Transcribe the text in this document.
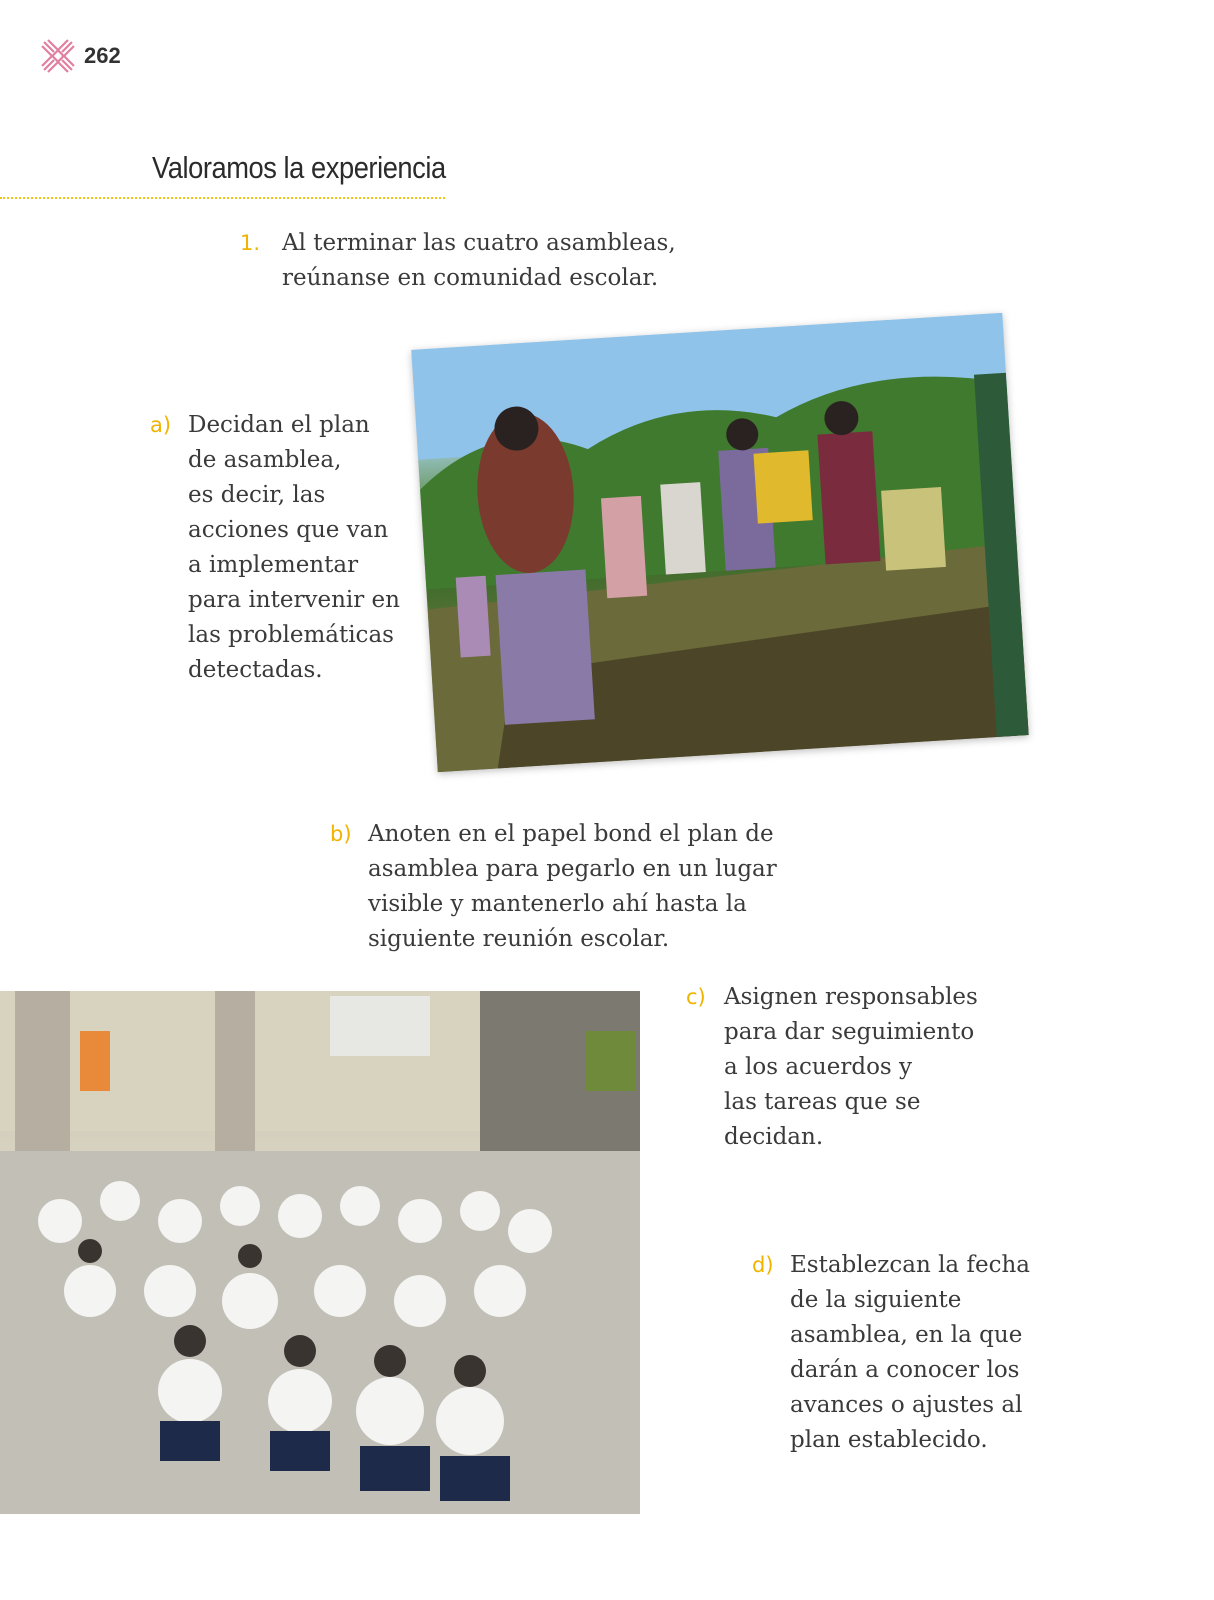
262
Valoramos la experiencia
1. Al terminar las cuatro asambleas, reúnanse en comunidad escolar.
a) Decidan el plan
de asamblea,
es decir, las
acciones que van
a implementar
para intervenir en
las problemáticas
detectadas.
b) Anoten en el papel bond el plan de
asamblea para pegarlo en un lugar
visible y mantenerlo ahí hasta la
siguiente reunión escolar.
c) Asignen responsables
para dar seguimiento
a los acuerdos y
las tareas que se
decidan.
d) Establezcan la fecha
de la siguiente
asamblea, en la que
darán a conocer los
avances o ajustes al
plan establecido.
